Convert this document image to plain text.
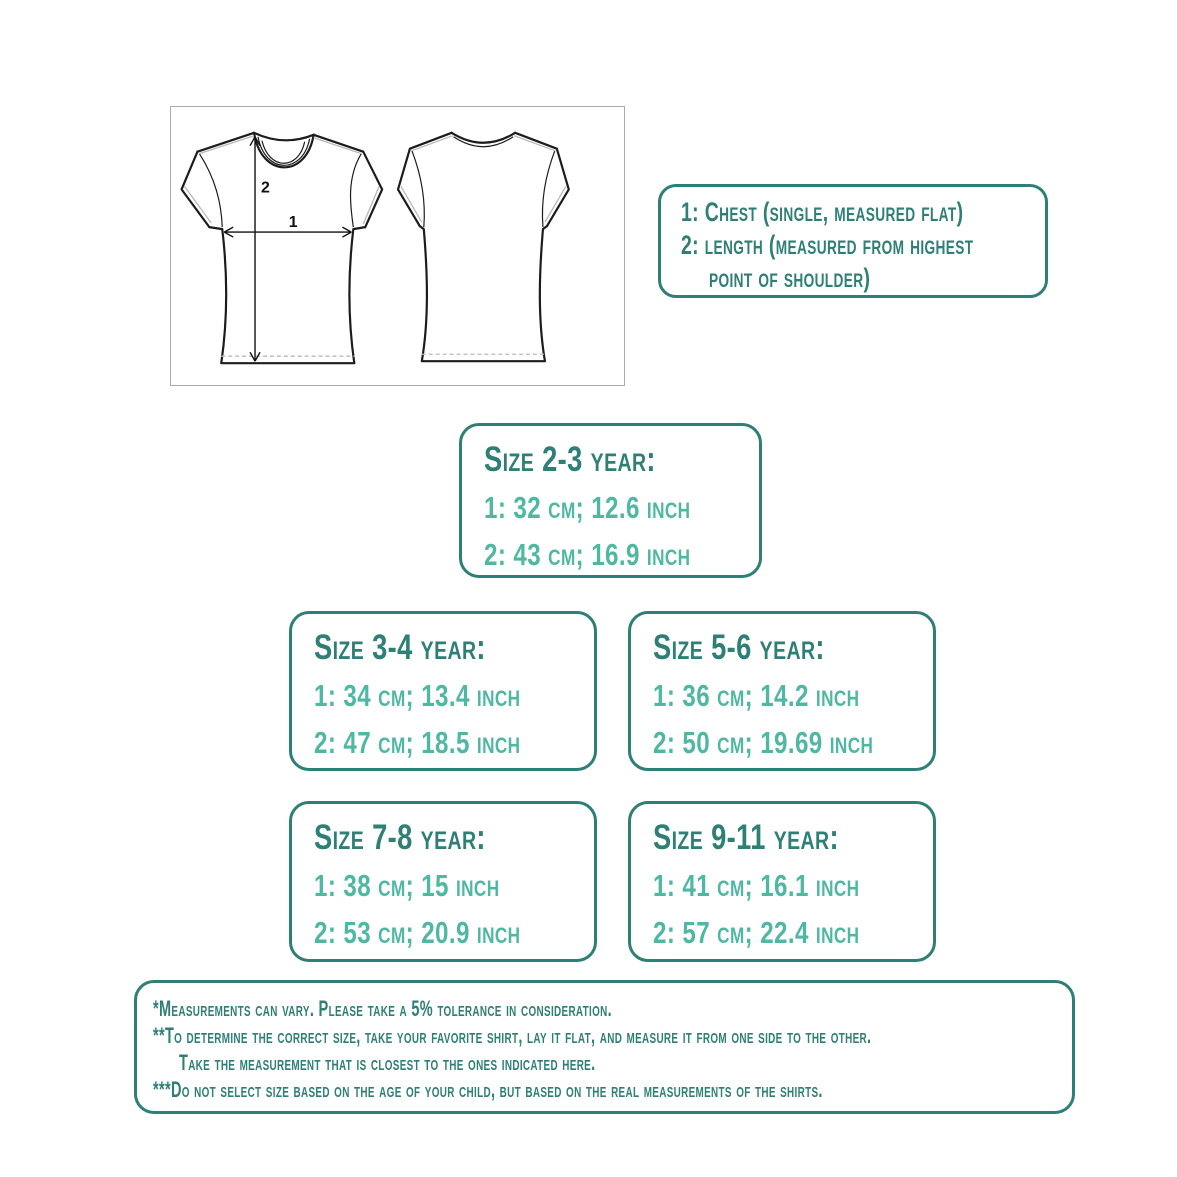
2
1	1: Chest (single, measured flat)
2: length (measured from highest
point of shoulder)
Size 2-3 year:
1: 32 cm; 12.6 inch
2: 43 cm; 16.9 inch
Size 3-4 year:
1: 34 cm; 13.4 inch
2: 47 cm; 18.5 inch
Size 5-6 year:
1: 36 cm; 14.2 inch
2: 50 cm; 19.69 inch
Size 7-8 year:
1: 38 cm; 15 inch
2: 53 cm; 20.9 inch
Size 9-11 year:
1: 41 cm; 16.1 inch
2: 57 cm; 22.4 inch
*Measurements can vary. Please take a 5% tolerance in consideration.
**To determine the correct size, take your favorite shirt, lay it flat, and measure it from one side to the other.
Take the measurement that is closest to the ones indicated here.
***Do not select size based on the age of your child, but based on the real measurements of the shirts.
